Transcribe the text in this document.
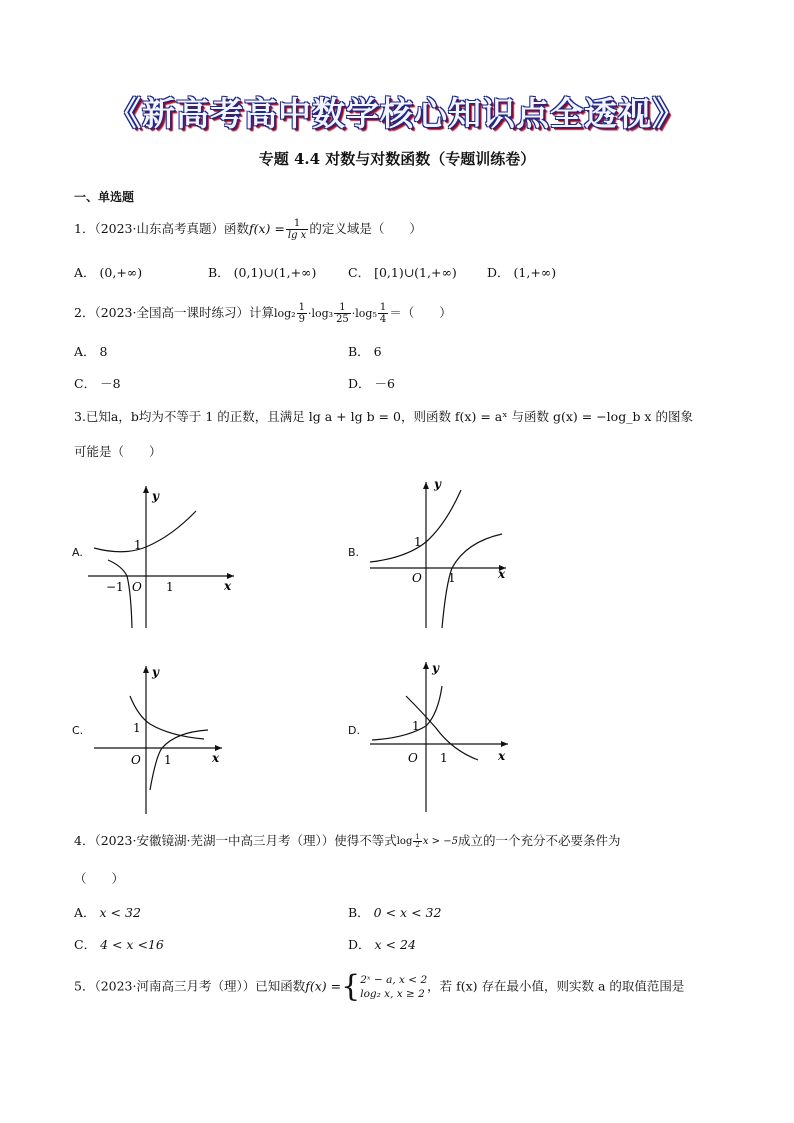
《新高考高中数学核心知识点全透视》
专题 4.4 对数与对数函数（专题训练卷）
一、单选题
1．（2023·山东高考真题）函数$f(x) = \frac{1}{\text{lg x}}$ 的定义域是（　　）
A． (0,+∞)	B． (0,1)∪(1,+∞)	C． [0,1)∪(1,+∞) D． (1,+∞)
2．（2023·全国高一课时练习）计算$\log_2 \frac{1}{9} \cdot\log_3 \frac{1}{25} \cdot\log_5 \frac{1}{4}$ ＝（　　）
A． 8	B． 6
C． －8	D． －6
3.已知a，b均为不等于 1 的正数，且满足 lg a + lg b = 0，则函数 f(x) = aˣ 与函数 g(x) = −log_b x 的图象
可能是（　　）
A.
y
x
O
1
1
−1
B.
y
x
O
1
1
C.
y
x
O
1
1
D.
y
x
O
1
1
4．（2023·安徽镜湖·芜湖一中高三月考（理））使得不等式$\log \frac{1}{2}$ x > −5成立的一个充分不必要条件为
（　　）
A． x < 32	B． 0 < x < 32
C． 4 < x <16	D． x < 24
5．（2023·河南高三月考（理））已知函数f(x) ={ 2ˣ − a, x < 2
log₂ x, x ≥ 2
，若 f(x) 存在最小值，则实数 a 的取值范围是
